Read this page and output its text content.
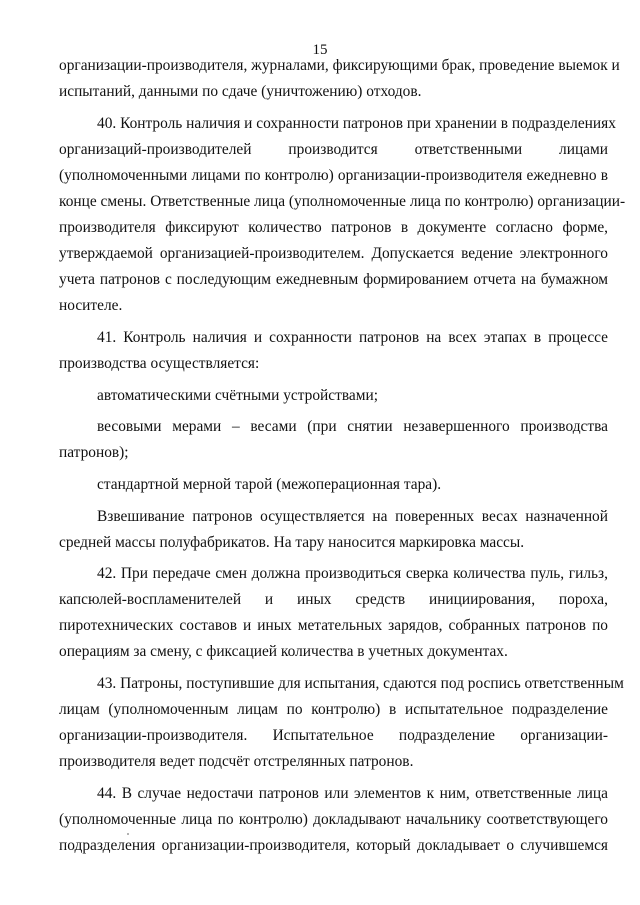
15
организации-производителя, журналами, фиксирующими брак, проведение выемок и
испытаний, данными по сдаче (уничтожению) отходов.
40. Контроль наличия и сохранности патронов при хранении в подразделениях
организаций-производителей производится ответственными лицами
(уполномоченными лицами по контролю) организации-производителя ежедневно в
конце смены. Ответственные лица (уполномоченные лица по контролю) организации-
производителя фиксируют количество патронов в документе согласно форме,
утверждаемой организацией-производителем. Допускается ведение электронного
учета патронов с последующим ежедневным формированием отчета на бумажном
носителе.
41. Контроль наличия и сохранности патронов на всех этапах в процессе
производства осуществляется:
автоматическими счётными устройствами;
весовыми мерами – весами (при снятии незавершенного производства
патронов);
стандартной мерной тарой (межоперационная тара).
Взвешивание патронов осуществляется на поверенных весах назначенной
средней массы полуфабрикатов. На тару наносится маркировка массы.
42. При передаче смен должна производиться сверка количества пуль, гильз,
капсюлей-воспламенителей и иных средств инициирования, пороха,
пиротехнических составов и иных метательных зарядов, собранных патронов по
операциям за смену, с фиксацией количества в учетных документах.
43. Патроны, поступившие для испытания, сдаются под роспись ответственным
лицам (уполномоченным лицам по контролю) в испытательное подразделение
организации-производителя. Испытательное подразделение организации-
производителя ведет подсчёт отстрелянных патронов.
44. В случае недостачи патронов или элементов к ним, ответственные лица
(уполномоченные лица по контролю) докладывают начальнику соответствующего
подразделения организации-производителя, который докладывает о случившемся
